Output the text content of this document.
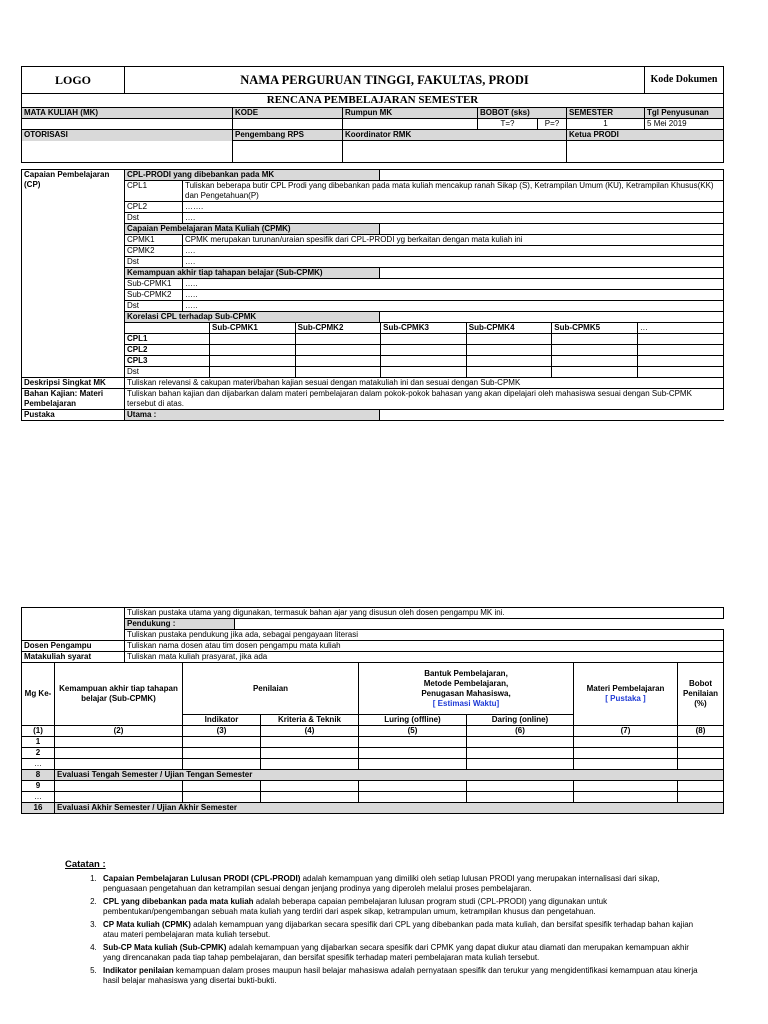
LOGO	NAMA PERGURUAN TINGGI, FAKULTAS, PRODI						Kode Dokumen
RENCANA PEMBELAJARAN SEMESTER							
MATA KULIAH (MK)		KODE	Rumpun MK	BOBOT (sks)		SEMESTER	Tgl Penyusunan
				T=?	P=?	1	5 Mei 2019
OTORISASI		Pengembang RPS	Koordinator RMK			Ketua PRODI	

Capaian Pembelajaran (CP)	CPL-PRODI yang dibebankan pada MK	
CPL1	Tuliskan beberapa butir CPL Prodi yang dibebankan pada mata kuliah mencakup ranah Sikap (S), Ketrampilan Umum (KU), Ketrampilan Khusus(KK) dan Pengetahuan(P)
CPL2	…….
Dst	….
Capaian Pembelajaran Mata Kuliah (CPMK)	
CPMK1	CPMK merupakan turunan/uraian spesifik dari CPL-PRODI yg berkaitan dengan mata kuliah ini
CPMK2	….
Dst	….
Kemampuan akhir tiap tahapan belajar (Sub-CPMK)	
Sub-CPMK1	…..
Sub-CPMK2	…..
Dst	…..
Korelasi CPL terhadap Sub-CPMK	

	Sub-CPMK1	Sub-CPMK2	Sub-CPMK3	Sub-CPMK4	Sub-CPMK5	…
CPL1						
CPL2						
CPL3						
Dst						

Deskripsi Singkat MK	Tuliskan relevansi & cakupan materi/bahan kajian sesuai dengan matakuliah ini dan sesuai dengan Sub-CPMK
Bahan Kajian: Materi Pembelajaran	Tuliskan bahan kajian dan dijabarkan dalam materi pembelajaran dalam pokok-pokok bahasan yang akan dipelajari oleh mahasiswa sesuai dengan Sub-CPMK tersebut di atas.
Pustaka	Utama :	
	Tuliskan pustaka utama yang digunakan, termasuk bahan ajar yang disusun oleh dosen pengampu MK ini.	
	Pendukung :	
	Tuliskan pustaka pendukung jika ada, sebagai pengayaan literasi	
Dosen Pengampu	Tuliskan nama dosen atau tim dosen pengampu mata kuliah	
Matakuliah syarat	Tuliskan mata kuliah prasyarat, jika ada	
Mg Ke-	Kemampuan akhir tiap tahapan belajar (Sub-CPMK)	Penilaian		Bantuk Pembelajaran,
Metode Pembelajaran,
Penugasan Mahasiswa,
[ Estimasi Waktu]		Materi Pembelajaran
[ Pustaka ]	Bobot Penilaian (%)
		Indikator	Kriteria & Teknik	Luring (offline)	Daring (online)		
(1)	(2)	(3)	(4)	(5)	(6)	(7)	(8)
1							
2							
…							
8	Evaluasi Tengah Semester / Ujian Tengan Semester						
9							
…							
16	Evaluasi Akhir Semester / Ujian Akhir Semester						
Catatan :
1. Capaian Pembelajaran Lulusan PRODI (CPL-PRODI) adalah kemampuan yang dimiliki oleh setiap lulusan PRODI yang merupakan internalisasi dari sikap, penguasaan pengetahuan dan ketrampilan sesuai dengan jenjang prodinya yang diperoleh melalui proses pembelajaran.
2. CPL yang dibebankan pada mata kuliah adalah beberapa capaian pembelajaran lulusan program studi (CPL-PRODI) yang digunakan untuk pembentukan/pengembangan sebuah mata kuliah yang terdiri dari aspek sikap, ketrampulan umum, ketrampilan khusus dan pengetahuan.
3. CP Mata kuliah (CPMK) adalah kemampuan yang dijabarkan secara spesifik dari CPL yang dibebankan pada mata kuliah, dan bersifat spesifik terhadap bahan kajian atau materi pembelajaran mata kuliah tersebut.
4. Sub-CP Mata kuliah (Sub-CPMK) adalah kemampuan yang dijabarkan secara spesifik dari CPMK yang dapat diukur atau diamati dan merupakan kemampuan akhir yang direncanakan pada tiap tahap pembelajaran, dan bersifat spesifik terhadap materi pembelajaran mata kuliah tersebut.
5. Indikator penilaian kemampuan dalam proses maupun hasil belajar mahasiswa adalah pernyataan spesifik dan terukur yang mengidentifikasi kemampuan atau kinerja hasil belajar mahasiswa yang disertai bukti-bukti.
